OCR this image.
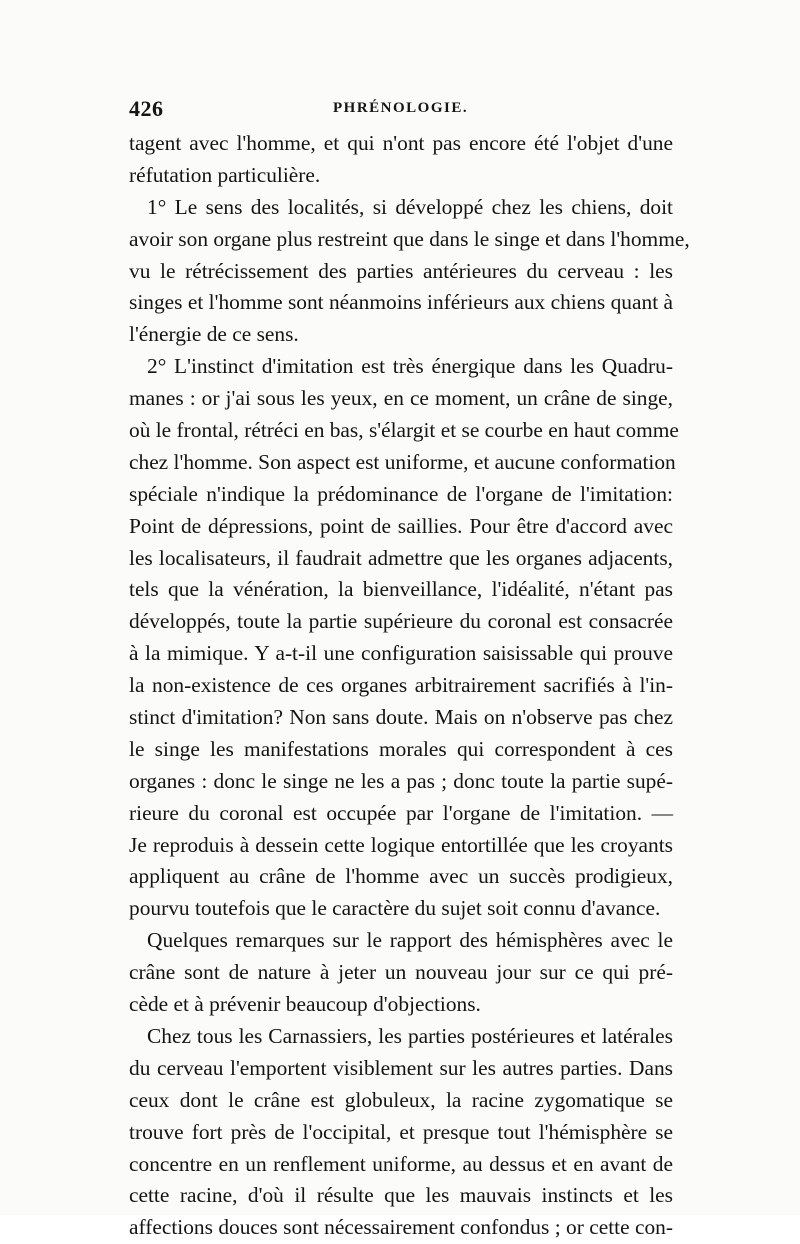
426	PHRÉNOLOGIE.
tagent avec l'homme, et qui n'ont pas encore été l'objet d'une
réfutation particulière.
1° Le sens des localités, si développé chez les chiens, doit
avoir son organe plus restreint que dans le singe et dans l'homme,
vu le rétrécissement des parties antérieures du cerveau : les
singes et l'homme sont néanmoins inférieurs aux chiens quant à
l'énergie de ce sens.
2° L'instinct d'imitation est très énergique dans les Quadru-
manes : or j'ai sous les yeux, en ce moment, un crâne de singe,
où le frontal, rétréci en bas, s'élargit et se courbe en haut comme
chez l'homme. Son aspect est uniforme, et aucune conformation
spéciale n'indique la prédominance de l'organe de l'imitation:
Point de dépressions, point de saillies. Pour être d'accord avec
les localisateurs, il faudrait admettre que les organes adjacents,
tels que la vénération, la bienveillance, l'idéalité, n'étant pas
développés, toute la partie supérieure du coronal est consacrée
à la mimique. Y a-t-il une configuration saisissable qui prouve
la non-existence de ces organes arbitrairement sacrifiés à l'in-
stinct d'imitation? Non sans doute. Mais on n'observe pas chez
le singe les manifestations morales qui correspondent à ces
organes : donc le singe ne les a pas ; donc toute la partie supé-
rieure du coronal est occupée par l'organe de l'imitation. —
Je reproduis à dessein cette logique entortillée que les croyants
appliquent au crâne de l'homme avec un succès prodigieux,
pourvu toutefois que le caractère du sujet soit connu d'avance.
Quelques remarques sur le rapport des hémisphères avec le
crâne sont de nature à jeter un nouveau jour sur ce qui pré-
cède et à prévenir beaucoup d'objections.
Chez tous les Carnassiers, les parties postérieures et latérales
du cerveau l'emportent visiblement sur les autres parties. Dans
ceux dont le crâne est globuleux, la racine zygomatique se
trouve fort près de l'occipital, et presque tout l'hémisphère se
concentre en un renflement uniforme, au dessus et en avant de
cette racine, d'où il résulte que les mauvais instincts et les
affections douces sont nécessairement confondus ; or cette con-
